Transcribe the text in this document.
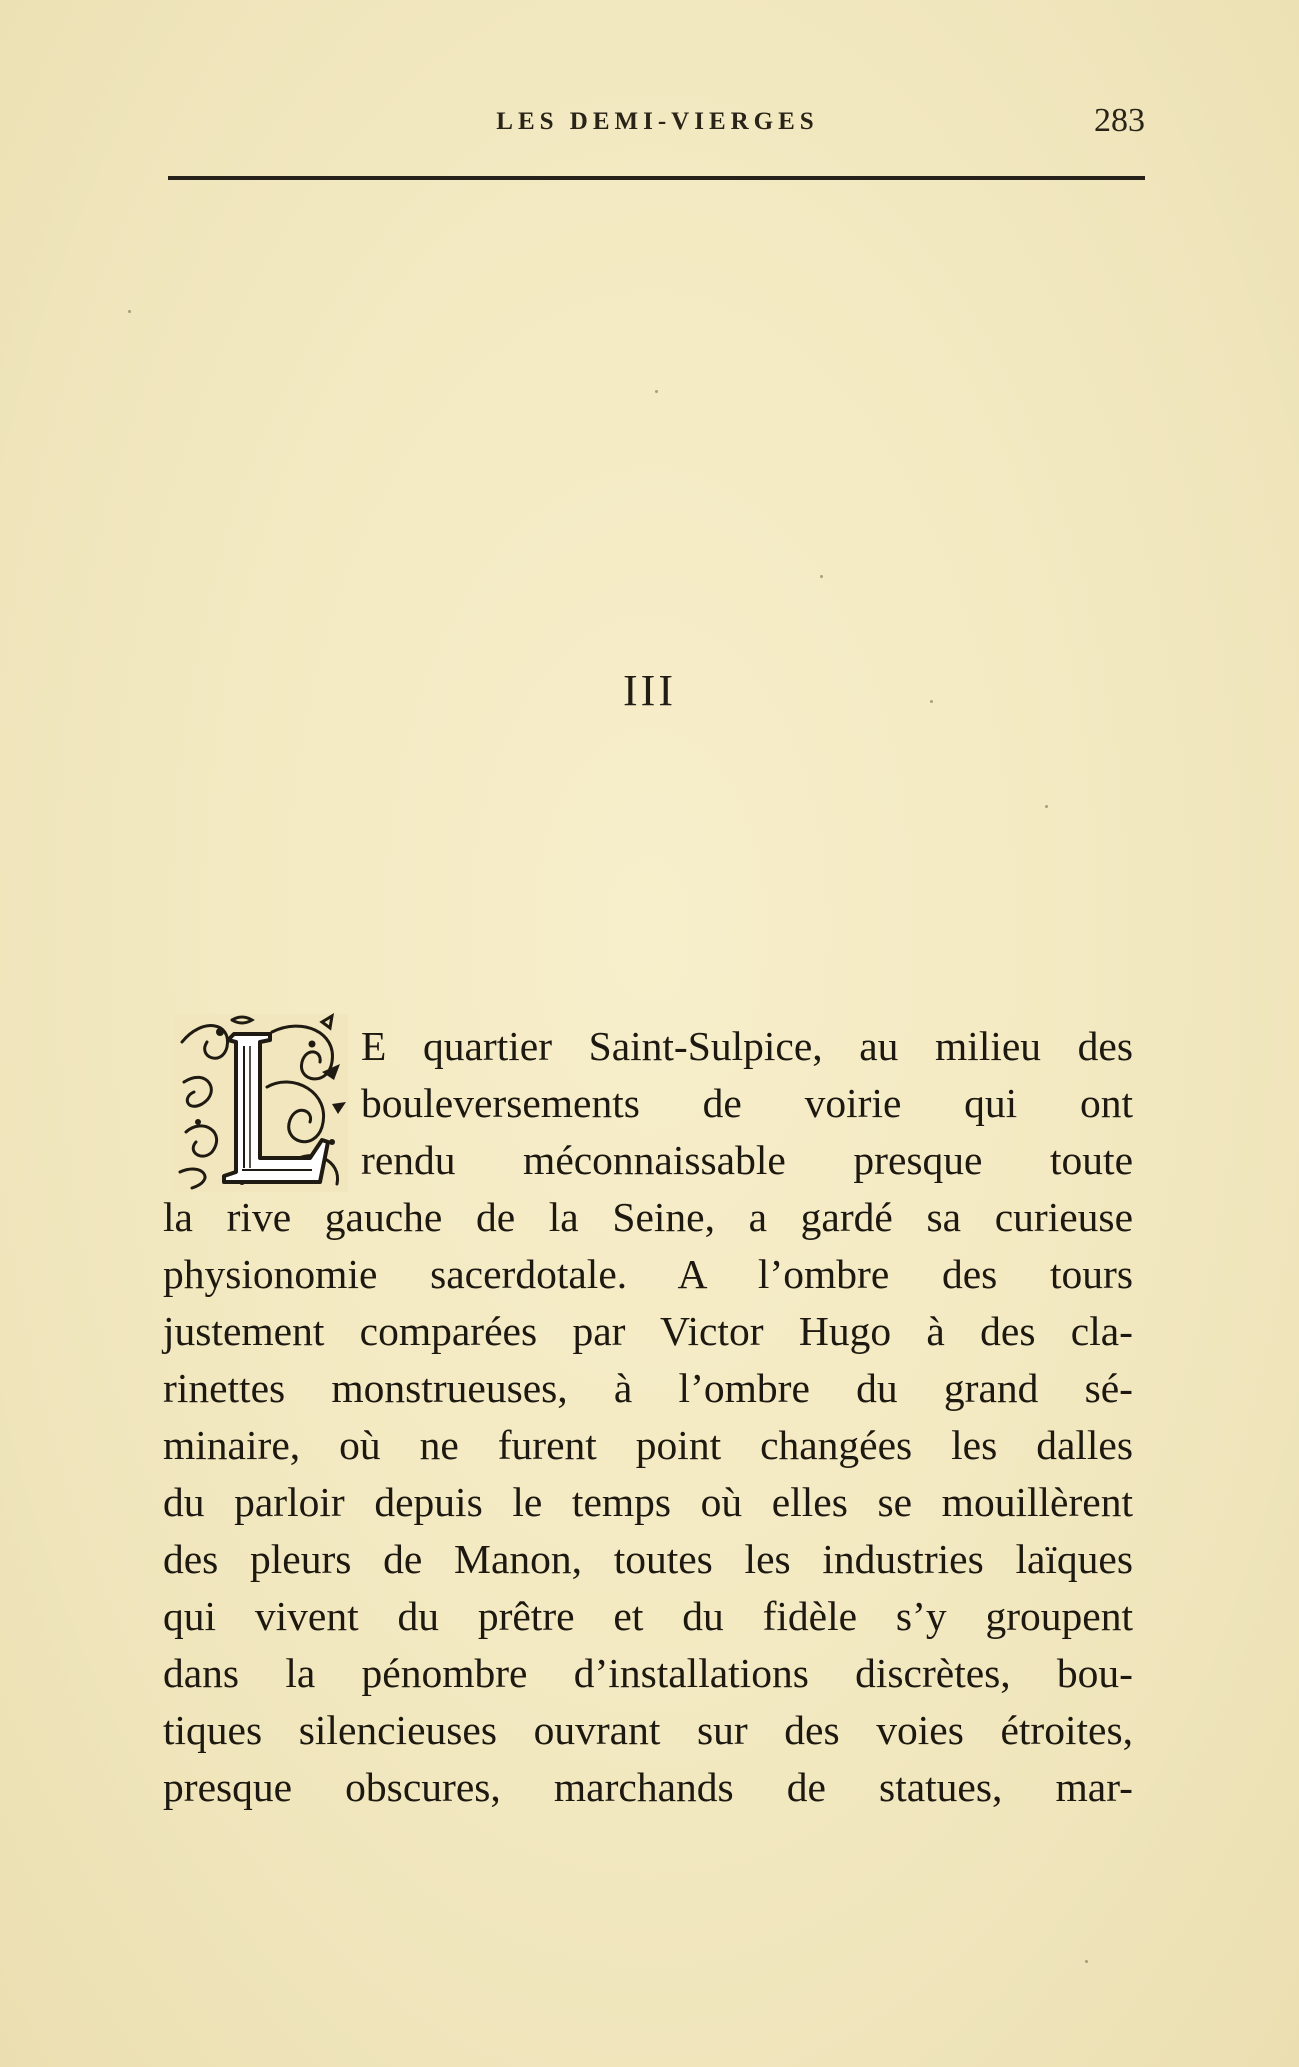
LES DEMI-VIERGES	283
III
E quartier Saint-Sulpice, au milieu des
bouleversements de voirie qui ont
rendu méconnaissable presque toute
la rive gauche de la Seine, a gardé sa curieuse
physionomie sacerdotale. A l’ombre des tours
justement comparées par Victor Hugo à des cla-
rinettes monstrueuses, à l’ombre du grand sé-
minaire, où ne furent point changées les dalles
du parloir depuis le temps où elles se mouillèrent
des pleurs de Manon, toutes les industries laïques
qui vivent du prêtre et du fidèle s’y groupent
dans la pénombre d’installations discrètes, bou-
tiques silencieuses ouvrant sur des voies étroites,
presque obscures, marchands de statues, mar-
